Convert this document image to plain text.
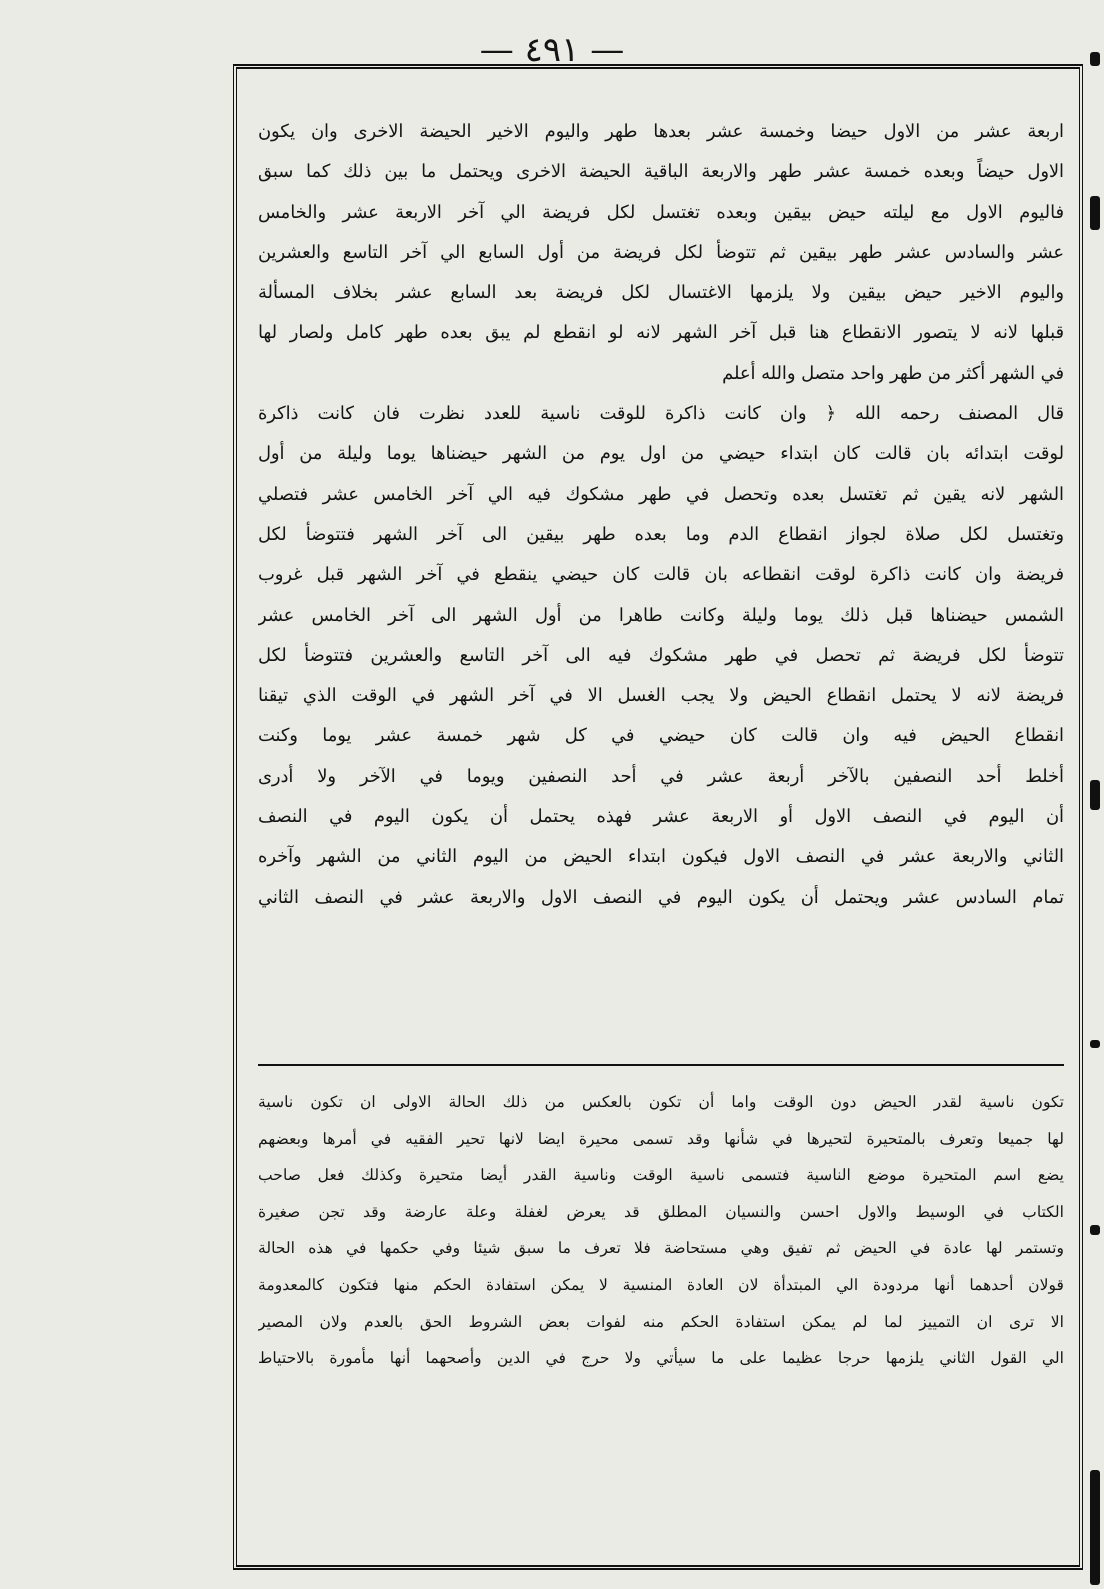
— ٤٩١ —
اربعة عشر من الاول حيضا وخمسة عشر بعدها طهر واليوم الاخير الحيضة الاخرى وان يكون
الاول حيضاً وبعده خمسة عشر طهر والاربعة الباقية الحيضة الاخرى ويحتمل ما بين ذلك كما سبق
فاليوم الاول مع ليلته حيض بيقين وبعده تغتسل لكل فريضة الي آخر الاربعة عشر والخامس
عشر والسادس عشر طهر بيقين ثم تتوضأ لكل فريضة من أول السابع الي آخر التاسع والعشرين
واليوم الاخير حيض بيقين ولا يلزمها الاغتسال لكل فريضة بعد السابع عشر بخلاف المسألة
قبلها لانه لا يتصور الانقطاع هنا قبل آخر الشهر لانه لو انقطع لم يبق بعده طهر كامل ولصار لها
في الشهر أكثر من طهر واحد متصل والله أعلم
قال المصنف رحمه الله ﴿ وان كانت ذاكرة للوقت ناسية للعدد نظرت فان كانت ذاكرة
لوقت ابتدائه بان قالت كان ابتداء حيضي من اول يوم من الشهر حيضناها يوما وليلة من أول
الشهر لانه يقين ثم تغتسل بعده وتحصل في طهر مشكوك فيه الي آخر الخامس عشر فتصلي
وتغتسل لكل صلاة لجواز انقطاع الدم وما بعده طهر بيقين الى آخر الشهر فتتوضأ لكل
فريضة وان كانت ذاكرة لوقت انقطاعه بان قالت كان حيضي ينقطع في آخر الشهر قبل غروب
الشمس حيضناها قبل ذلك يوما وليلة وكانت طاهرا من أول الشهر الى آخر الخامس عشر
تتوضأ لكل فريضة ثم تحصل في طهر مشكوك فيه الى آخر التاسع والعشرين فتتوضأ لكل
فريضة لانه لا يحتمل انقطاع الحيض ولا يجب الغسل الا في آخر الشهر في الوقت الذي تيقنا
انقطاع الحيض فيه وان قالت كان حيضي في كل شهر خمسة عشر يوما وكنت
أخلط أحد النصفين بالآخر أربعة عشر في أحد النصفين ويوما في الآخر ولا أدرى
أن اليوم في النصف الاول أو الاربعة عشر فهذه يحتمل أن يكون اليوم في النصف
الثاني والاربعة عشر في النصف الاول فيكون ابتداء الحيض من اليوم الثاني من الشهر وآخره
تمام السادس عشر ويحتمل أن يكون اليوم في النصف الاول والاربعة عشر في النصف الثاني
تكون ناسية لقدر الحيض دون الوقت واما أن تكون بالعكس من ذلك الحالة الاولى ان تكون ناسية
لها جميعا وتعرف بالمتحيرة لتحيرها في شأنها وقد تسمى محيرة ايضا لانها تحير الفقيه في أمرها وبعضهم
يضع اسم المتحيرة موضع الناسية فتسمى ناسية الوقت وناسية القدر أيضا متحيرة وكذلك فعل صاحب
الكتاب في الوسيط والاول احسن والنسيان المطلق قد يعرض لغفلة وعلة عارضة وقد تجن صغيرة
وتستمر لها عادة في الحيض ثم تفيق وهي مستحاضة فلا تعرف ما سبق شيئا وفي حكمها في هذه الحالة
قولان أحدهما أنها مردودة الي المبتدأة لان العادة المنسية لا يمكن استفادة الحكم منها فتكون كالمعدومة
الا ترى ان التمييز لما لم يمكن استفادة الحكم منه لفوات بعض الشروط الحق بالعدم ولان المصير
الي القول الثاني يلزمها حرجا عظيما على ما سيأتي ولا حرج في الدين وأصحهما أنها مأمورة بالاحتياط
